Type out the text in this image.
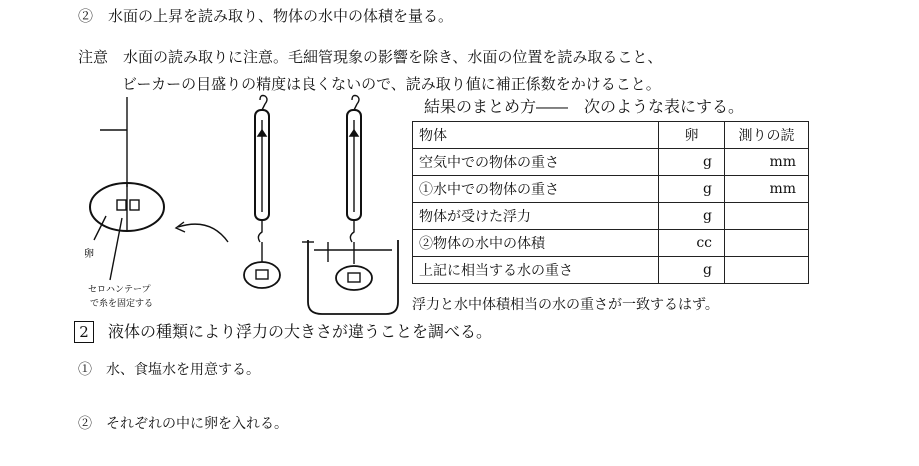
②　水面の上昇を読み取り、物体の水中の体積を量る。
注意　水面の読み取りに注意。毛細管現象の影響を除き、水面の位置を読み取ること、
ビーカーの目盛りの精度は良くないので、読み取り値に補正係数をかけること。
結果のまとめ方――　次のような表にする。
物体	卵	測りの読
空気中での物体の重さ	g	mm
①水中での物体の重さ	g	mm
物体が受けた浮力	g	
②物体の水中の体積	cc	
上記に相当する水の重さ	g	
浮力と水中体積相当の水の重さが一致するはず。
2 液体の種類により浮力の大きさが違うことを調べる。
①　水、食塩水を用意する。
②　それぞれの中に卵を入れる。
卵
セロハンテープ
で糸を固定する
